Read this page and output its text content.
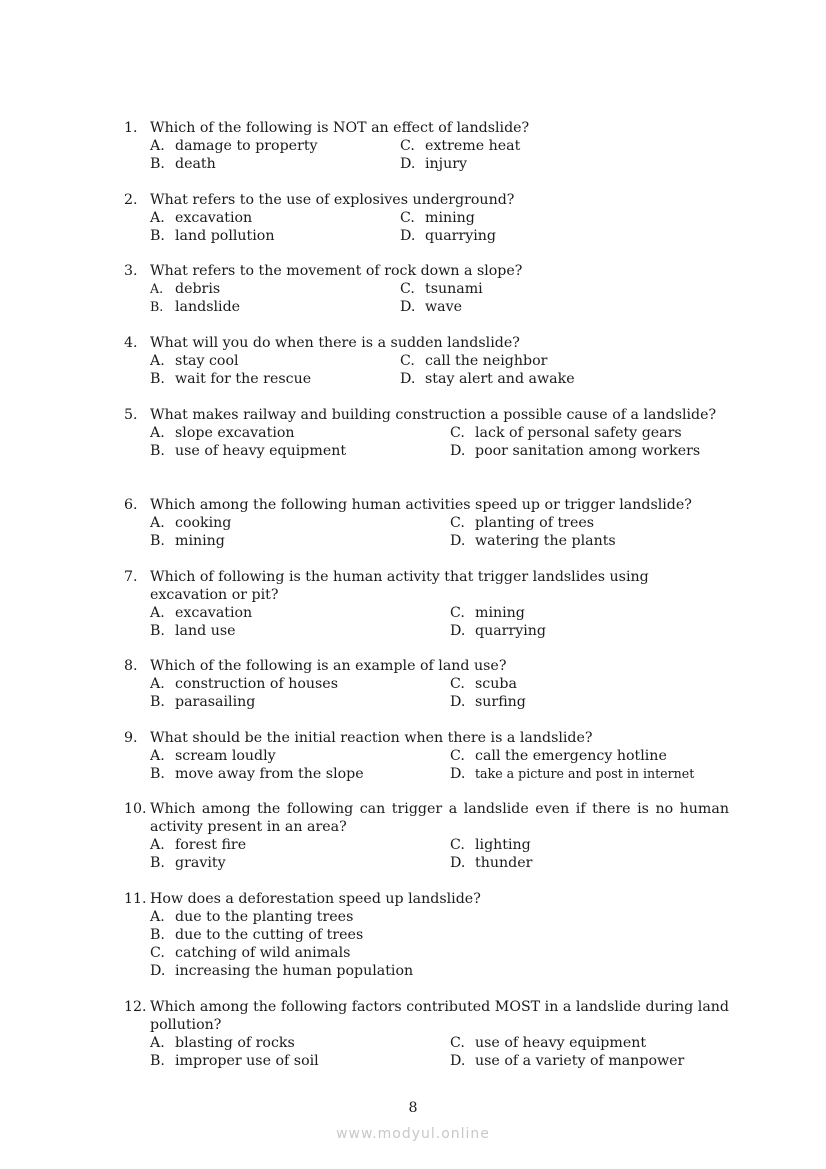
1. Which of the following is NOT an effect of landslide?
A. damage to property	C. extreme heat
B. death	D. injury
2. What refers to the use of explosives underground?
A. excavation	C. mining
B. land pollution	D. quarrying
3. What refers to the movement of rock down a slope?
A. debris	C. tsunami
B. landslide	D. wave
4. What will you do when there is a sudden landslide?
A. stay cool	C. call the neighbor
B. wait for the rescue	D. stay alert and awake
5. What makes railway and building construction a possible cause of a landslide?
A. slope excavation	C. lack of personal safety gears
B. use of heavy equipment	D. poor sanitation among workers
6. Which among the following human activities speed up or trigger landslide?
A. cooking	C. planting of trees
B. mining	D. watering the plants
7. Which of following is the human activity that trigger landslides using excavation or pit?
A. excavation	C. mining
B. land use	D. quarrying
8. Which of the following is an example of land use?
A. construction of houses	C. scuba
B. parasailing	D. surfing
9. What should be the initial reaction when there is a landslide?
A. scream loudly	C. call the emergency hotline
B. move away from the slope	D. take a picture and post in internet
10. Which among the following can trigger a landslide even if there is no human activity present in an area?
A. forest fire	C. lighting
B. gravity	D. thunder
11. How does a deforestation speed up landslide?
A. due to the planting trees
B. due to the cutting of trees
C. catching of wild animals
D. increasing the human population
12. Which among the following factors contributed MOST in a landslide during land pollution?
A. blasting of rocks	C. use of heavy equipment
B. improper use of soil	D. use of a variety of manpower
8
www.modyul.online
